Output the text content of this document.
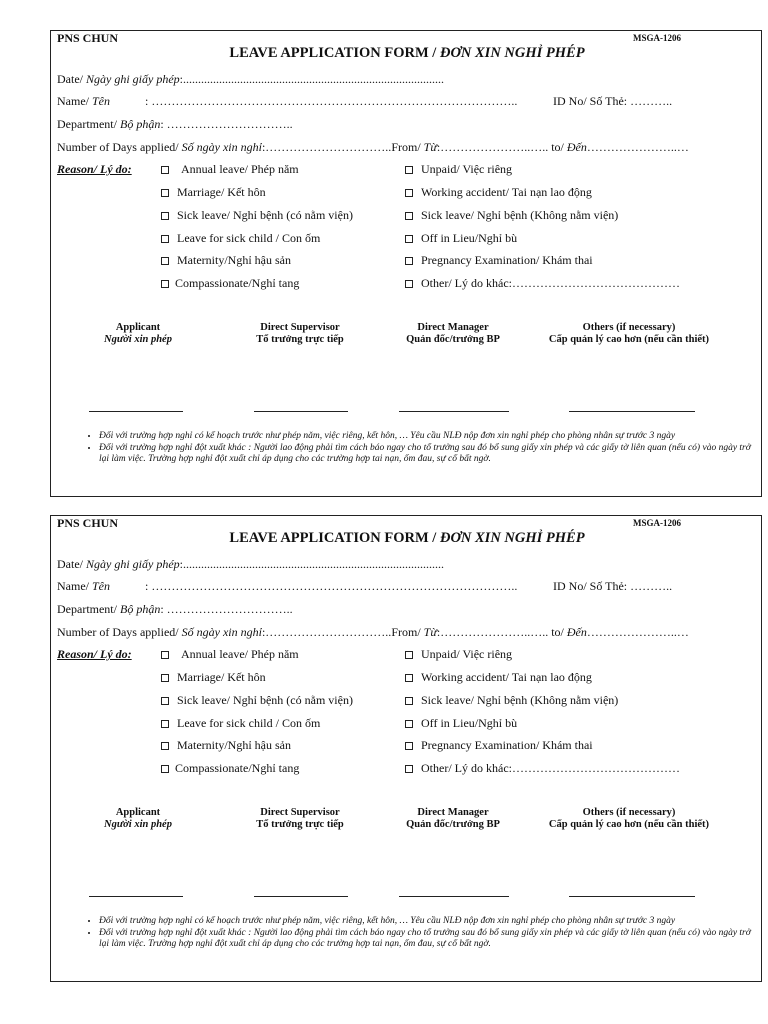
PNS CHUN	MSGA-1206
LEAVE APPLICATION FORM / ĐƠN XIN NGHỈ PHÉP
Date/ Ngày ghi giấy phép:.......................................................................................
Name/ Tên	: ………………………………………………………………………………..	ID No/ Số Thẻ: ………..
Department/ Bộ phận: …………………………..
Number of Days applied/ Số ngày xin nghỉ:…………………………..From/ Từ:…………………..….. to/ Đến…………………..…
Reason/ Lý do:	Annual leave/ Phép năm
Marriage/ Kết hôn
Sick leave/ Nghỉ bệnh (có nằm viện)
Leave for sick child / Con ốm
Maternity/Nghỉ hậu sản
Compassionate/Nghỉ tang
Unpaid/ Việc riêng
Working accident/ Tai nạn lao động
Sick leave/ Nghỉ bệnh (Không nằm viện)
Off in Lieu/Nghỉ bù
Pregnancy Examination/ Khám thai
Other/ Lý do khác:……………………………………
Applicant
Người xin phép
Direct Supervisor
Tổ trưởng trực tiếp
Direct Manager
Quản đốc/trưởng BP
Others (if necessary)
Cấp quản lý cao hơn (nếu cần thiết)
• Đối với trường hợp nghỉ có kế hoạch trước như phép năm, việc riêng, kết hôn, … Yêu cầu NLĐ nộp đơn xin nghỉ phép cho phòng nhân sự trước 3 ngày
• Đối với trường hợp nghỉ đột xuất khác : Người lao động phải tìm cách báo ngay cho tổ trưởng sau đó bổ sung giấy xin phép và các giấy tờ liên quan (nếu có) vào ngày trở lại làm việc. Trường hợp nghỉ đột xuất chỉ áp dụng cho các trường hợp tai nạn, ốm đau, sự cố bất ngờ.
PNS CHUN	MSGA-1206
LEAVE APPLICATION FORM / ĐƠN XIN NGHỈ PHÉP
Date/ Ngày ghi giấy phép:.......................................................................................
Name/ Tên	: ………………………………………………………………………………..	ID No/ Số Thẻ: ………..
Department/ Bộ phận: …………………………..
Number of Days applied/ Số ngày xin nghỉ:…………………………..From/ Từ:…………………..….. to/ Đến…………………..…
Reason/ Lý do:	Annual leave/ Phép năm
Marriage/ Kết hôn
Sick leave/ Nghỉ bệnh (có nằm viện)
Leave for sick child / Con ốm
Maternity/Nghỉ hậu sản
Compassionate/Nghỉ tang
Unpaid/ Việc riêng
Working accident/ Tai nạn lao động
Sick leave/ Nghỉ bệnh (Không nằm viện)
Off in Lieu/Nghỉ bù
Pregnancy Examination/ Khám thai
Other/ Lý do khác:……………………………………
Applicant
Người xin phép
Direct Supervisor
Tổ trưởng trực tiếp
Direct Manager
Quản đốc/trưởng BP
Others (if necessary)
Cấp quản lý cao hơn (nếu cần thiết)
• Đối với trường hợp nghỉ có kế hoạch trước như phép năm, việc riêng, kết hôn, … Yêu cầu NLĐ nộp đơn xin nghỉ phép cho phòng nhân sự trước 3 ngày
• Đối với trường hợp nghỉ đột xuất khác : Người lao động phải tìm cách báo ngay cho tổ trưởng sau đó bổ sung giấy xin phép và các giấy tờ liên quan (nếu có) vào ngày trở lại làm việc. Trường hợp nghỉ đột xuất chỉ áp dụng cho các trường hợp tai nạn, ốm đau, sự cố bất ngờ.
